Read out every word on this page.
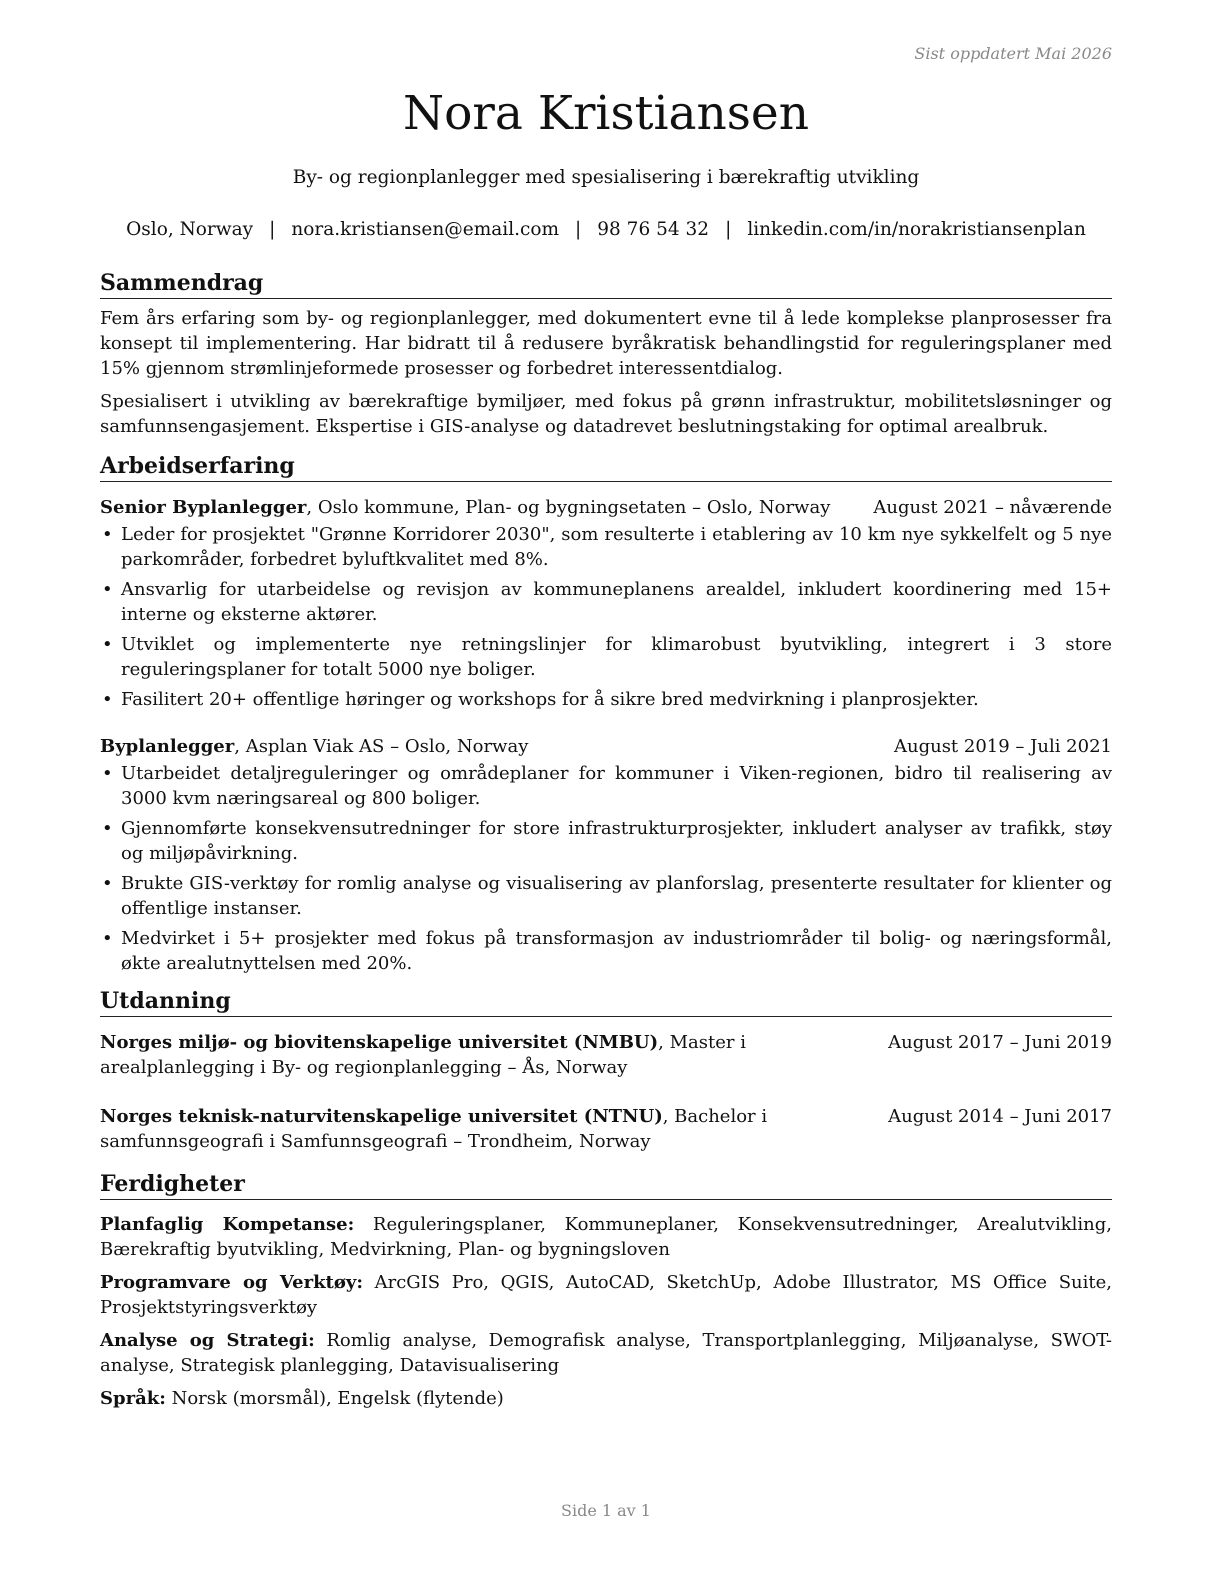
Sist oppdatert Mai 2026
Nora Kristiansen
By- og regionplanlegger med spesialisering i bærekraftig utvikling
Oslo, Norway | nora.kristiansen@email.com | 98 76 54 32 | linkedin.com/in/norakristiansenplan
Sammendrag

Fem års erfaring som by- og regionplanlegger, med dokumentert evne til å lede komplekse planprosesser fra konsept til implementering. Har bidratt til å redusere byråkratisk behandlingstid for reguleringsplaner med 15% gjennom strømlinjeformede prosesser og forbedret interessentdialog.

Spesialisert i utvikling av bærekraftige bymiljøer, med fokus på grønn infrastruktur, mobilitetsløsninger og samfunnsengasjement. Ekspertise i GIS-analyse og datadrevet beslutningstaking for optimal arealbruk.

Arbeidserfaring
Senior Byplanlegger, Oslo kommune, Plan- og bygningsetaten – Oslo, Norway August 2021 – nåværende
• Leder for prosjektet "Grønne Korridorer 2030", som resulterte i etablering av 10 km nye sykkelfelt og 5 nye parkområder, forbedret byluftkvalitet med 8%.
• Ansvarlig for utarbeidelse og revisjon av kommuneplanens arealdel, inkludert koordinering med 15+ interne og eksterne aktører.
• Utviklet og implementerte nye retningslinjer for klimarobust byutvikling, integrert i 3 store reguleringsplaner for totalt 5000 nye boliger.
• Fasilitert 20+ offentlige høringer og workshops for å sikre bred medvirkning i planprosjekter.
Byplanlegger, Asplan Viak AS – Oslo, Norway	August 2019 – Juli 2021
• Utarbeidet detaljreguleringer og områdeplaner for kommuner i Viken-regionen, bidro til realisering av 3000 kvm næringsareal og 800 boliger.
• Gjennomførte konsekvensutredninger for store infrastrukturprosjekter, inkludert analyser av trafikk, støy og miljøpåvirkning.
• Brukte GIS-verktøy for romlig analyse og visualisering av planforslag, presenterte resultater for klienter og offentlige instanser.
• Medvirket i 5+ prosjekter med fokus på transformasjon av industriområder til bolig- og næringsformål, økte arealutnyttelsen med 20%.
Utdanning
Norges miljø- og biovitenskapelige universitet (NMBU), Master i arealplanlegging i By- og regionplanlegging – Ås, Norway
August 2017 – Juni 2019
Norges teknisk-naturvitenskapelige universitet (NTNU), Bachelor i samfunnsgeografi i Samfunnsgeografi – Trondheim, Norway
August 2014 – Juni 2017
Ferdigheter
Planfaglig Kompetanse: Reguleringsplaner, Kommuneplaner, Konsekvensutredninger, Arealutvikling, Bærekraftig byutvikling, Medvirkning, Plan- og bygningsloven
Programvare og Verktøy: ArcGIS Pro, QGIS, AutoCAD, SketchUp, Adobe Illustrator, MS Office Suite, Prosjektstyringsverktøy
Analyse og Strategi: Romlig analyse, Demografisk analyse, Transportplanlegging, Miljøanalyse, SWOT-analyse, Strategisk planlegging, Datavisualisering
Språk: Norsk (morsmål), Engelsk (flytende)
Side 1 av 1
